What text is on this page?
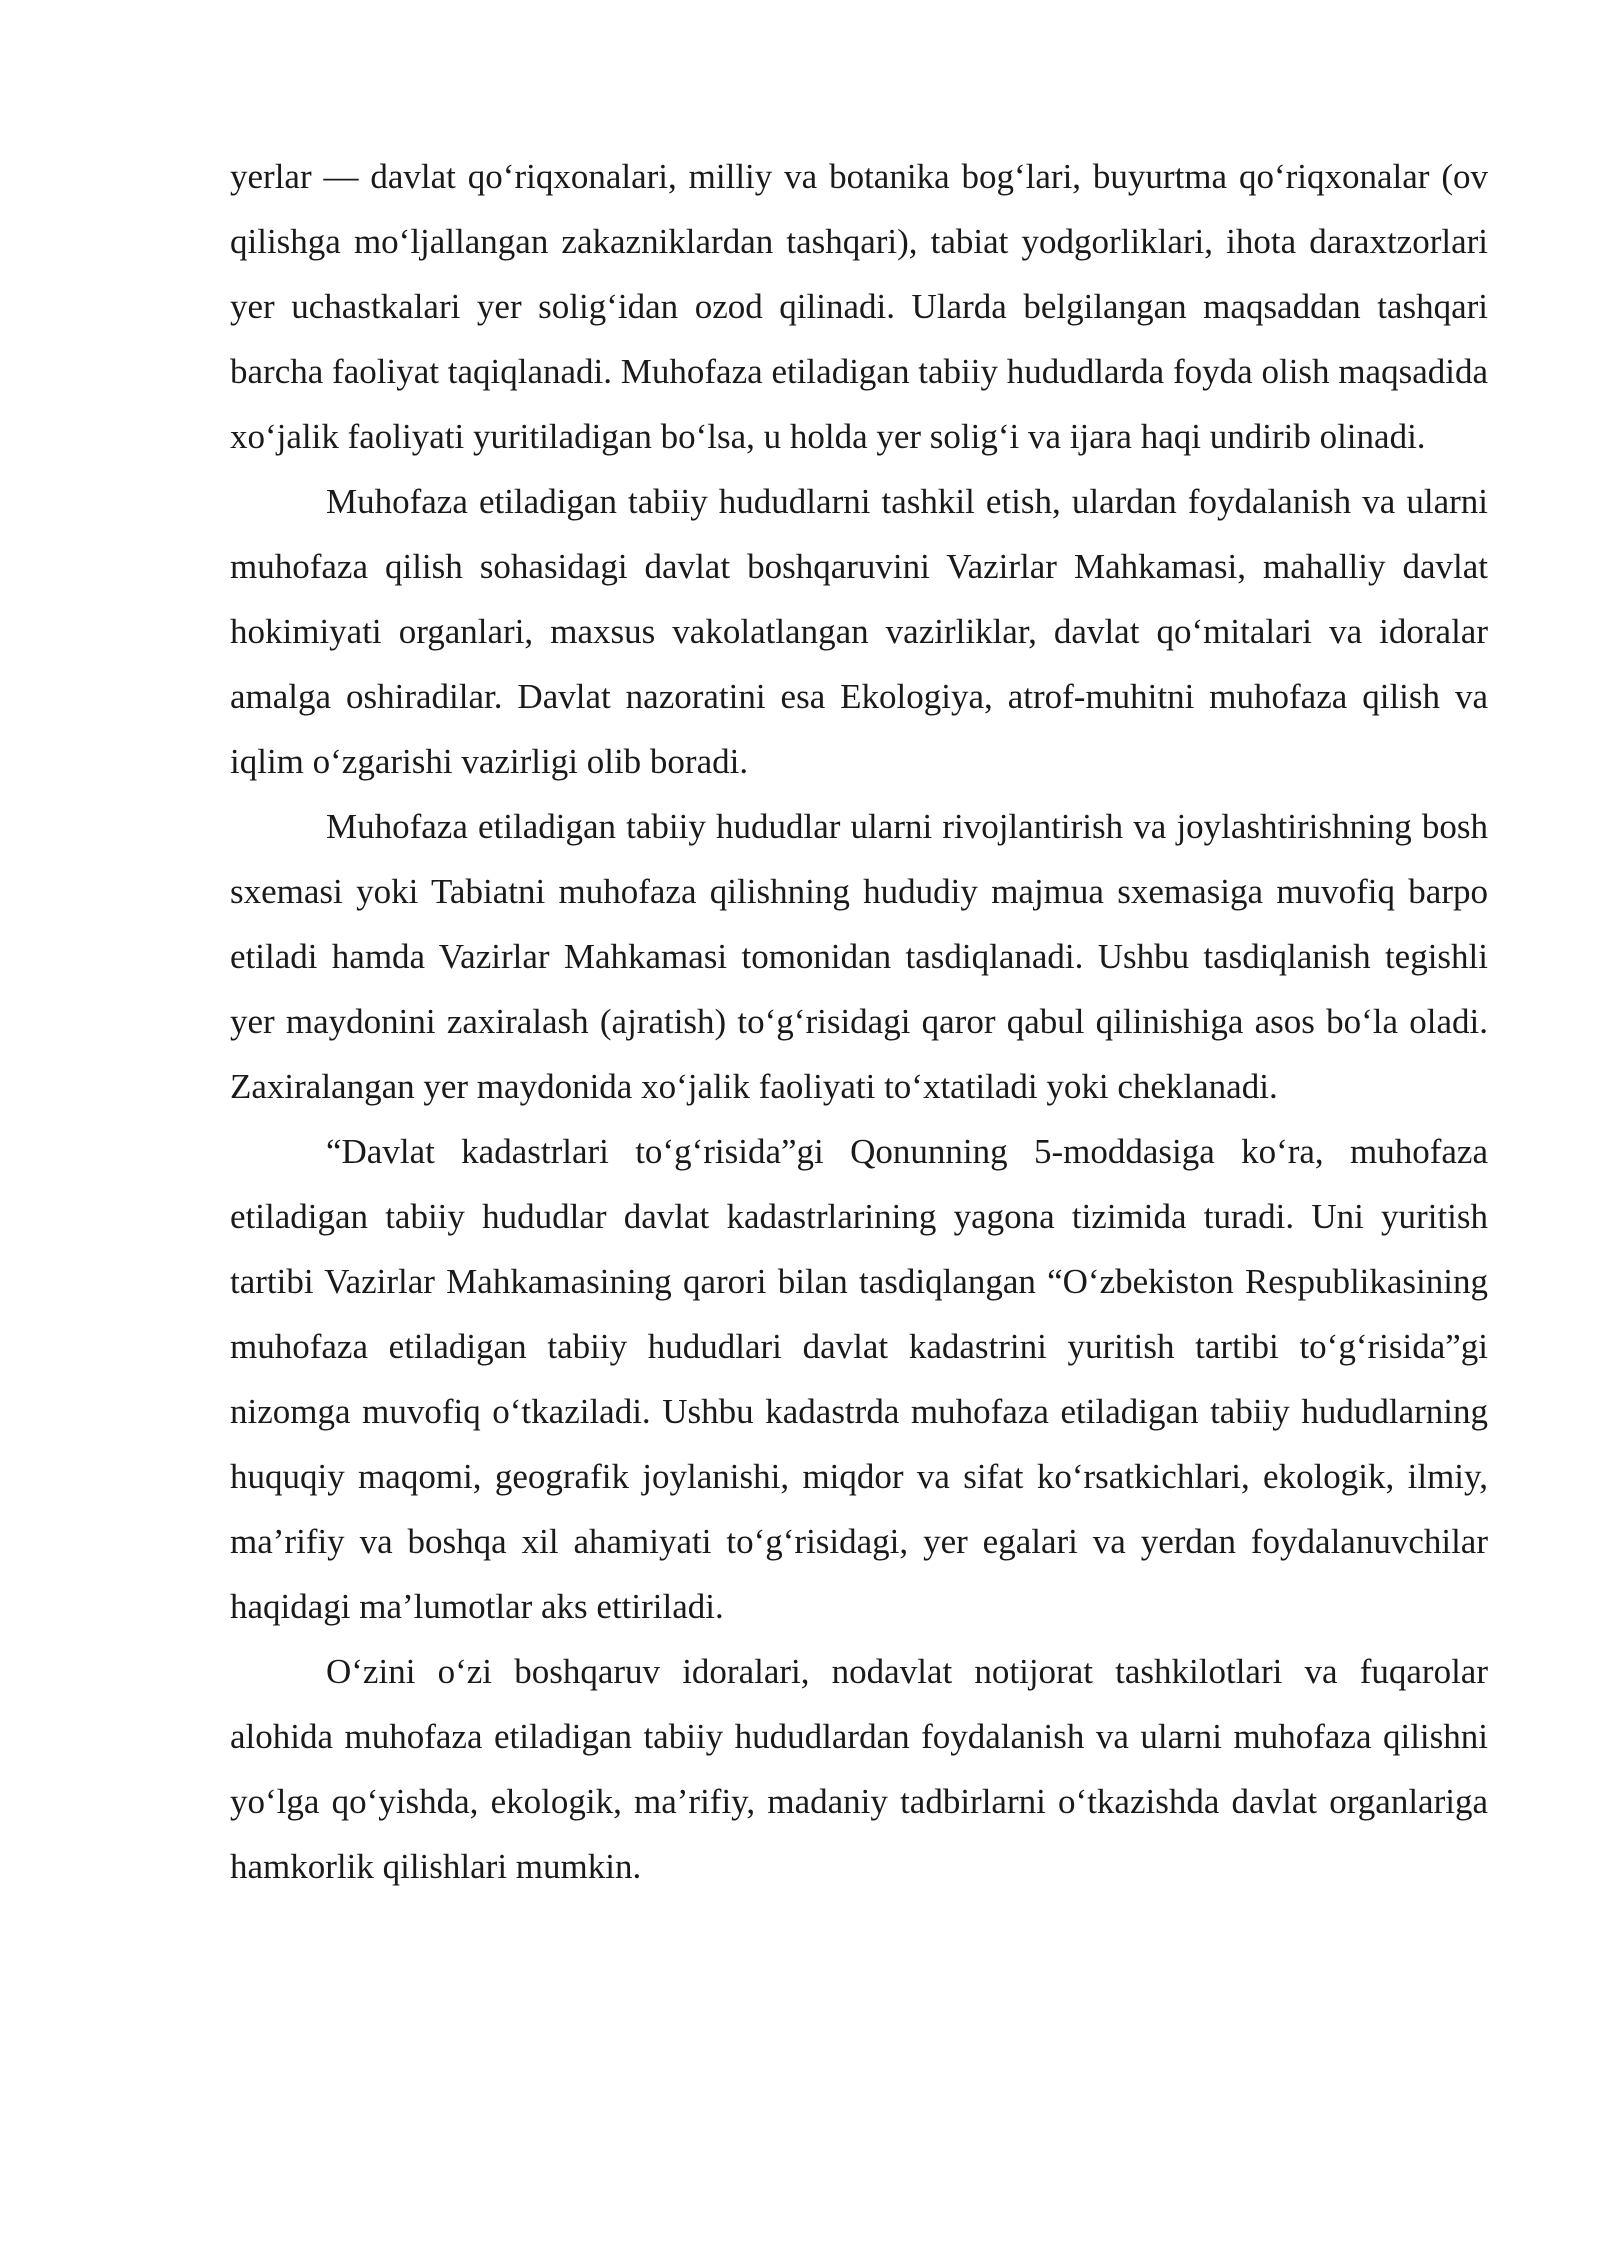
yerlar — davlat qo‘riqxonalari, milliy va botanika bog‘lari, buyurtma qo‘riqxonalar (ov qilishga mo‘ljallangan zakazniklardan tashqari), tabiat yodgorliklari, ihota daraxtzorlari yer uchastkalari yer solig‘idan ozod qilinadi. Ularda belgilangan maqsaddan tashqari barcha faoliyat taqiqlanadi. Muhofaza etiladigan tabiiy hududlarda foyda olish maqsadida xo‘jalik faoliyati yuritiladigan bo‘lsa, u holda yer solig‘i va ijara haqi undirib olinadi.

Muhofaza etiladigan tabiiy hududlarni tashkil etish, ulardan foydalanish va ularni muhofaza qilish sohasidagi davlat boshqaruvini Vazirlar Mahkamasi, mahalliy davlat hokimiyati organlari, maxsus vakolatlangan vazirliklar, davlat qo‘mitalari va idoralar amalga oshiradilar. Davlat nazoratini esa Ekologiya, atrof-muhitni muhofaza qilish va iqlim o‘zgarishi vazirligi olib boradi.

Muhofaza etiladigan tabiiy hududlar ularni rivojlantirish va joylashtirishning bosh sxemasi yoki Tabiatni muhofaza qilishning hududiy majmua sxemasiga muvofiq barpo etiladi hamda Vazirlar Mahkamasi tomonidan tasdiqlanadi. Ushbu tasdiqlanish tegishli yer maydonini zaxiralash (ajratish) to‘g‘risidagi qaror qabul qilinishiga asos bo‘la oladi. Zaxiralangan yer maydonida xo‘jalik faoliyati to‘xtatiladi yoki cheklanadi.

“Davlat kadastrlari to‘g‘risida”gi Qonunning 5-moddasiga ko‘ra, muhofaza etiladigan tabiiy hududlar davlat kadastrlarining yagona tizimida turadi. Uni yuritish tartibi Vazirlar Mahkamasining qarori bilan tasdiqlangan “O‘zbekiston Respublikasining muhofaza etiladigan tabiiy hududlari davlat kadastrini yuritish tartibi to‘g‘risida”gi nizomga muvofiq o‘tkaziladi. Ushbu kadastrda muhofaza etiladigan tabiiy hududlarning huquqiy maqomi, geografik joylanishi, miqdor va sifat ko‘rsatkichlari, ekologik, ilmiy, ma’rifiy va boshqa xil ahamiyati to‘g‘risidagi, yer egalari va yerdan foydalanuvchilar haqidagi ma’lumotlar aks ettiriladi.

O‘zini o‘zi boshqaruv idoralari, nodavlat notijorat tashkilotlari va fuqarolar alohida muhofaza etiladigan tabiiy hududlardan foydalanish va ularni muhofaza qilishni yo‘lga qo‘yishda, ekologik, ma’rifiy, madaniy tadbirlarni o‘tkazishda davlat organlariga hamkorlik qilishlari mumkin.
